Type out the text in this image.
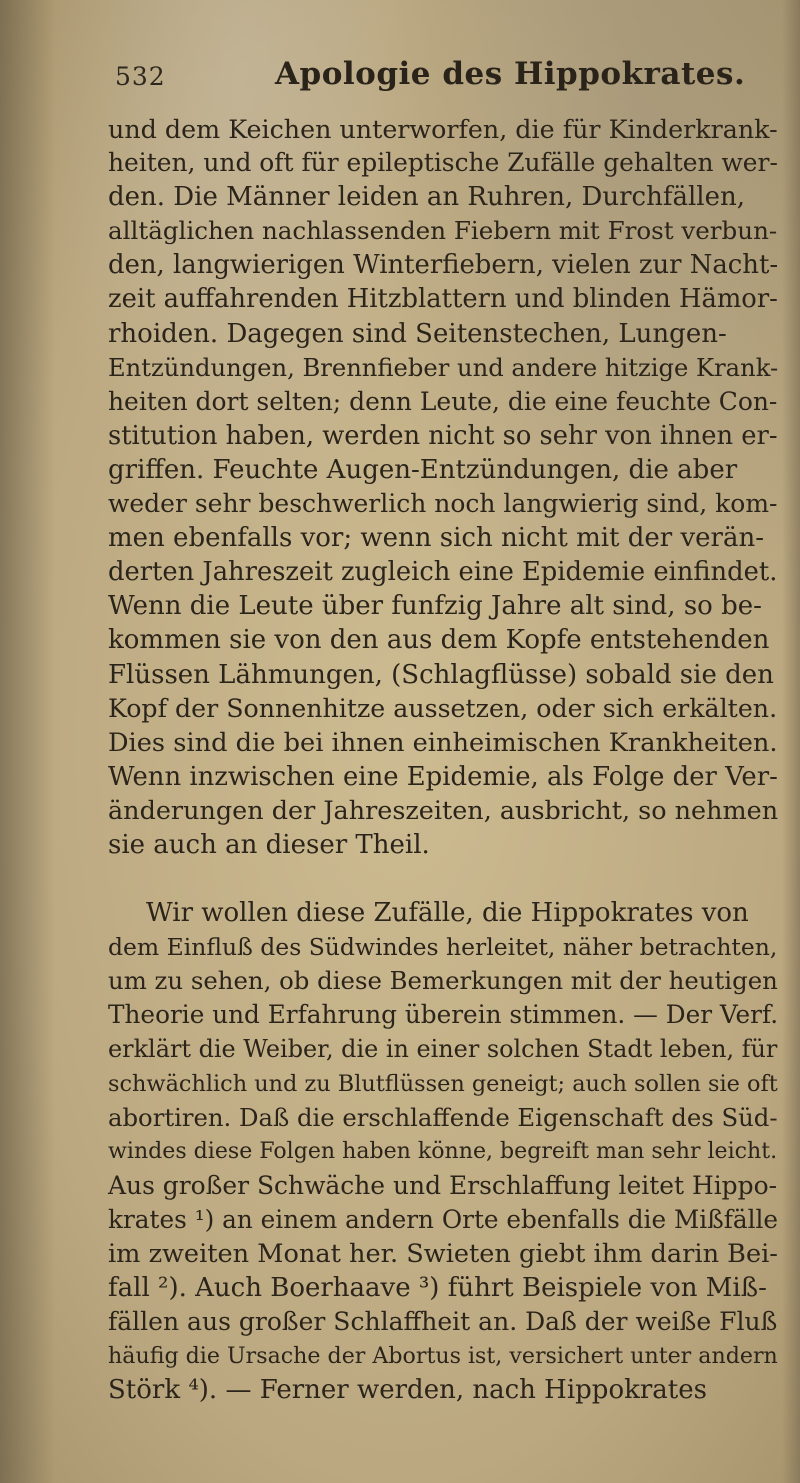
532	Apologie des Hippokrates.
und dem Keichen unterworfen, die für Kinderkrank-
heiten, und oft für epileptische Zufälle gehalten wer-
den. Die Männer leiden an Ruhren, Durchfällen,
alltäglichen nachlassenden Fiebern mit Frost verbun-
den, langwierigen Winterfiebern, vielen zur Nacht-
zeit auffahrenden Hitzblattern und blinden Hämor-
rhoiden. Dagegen sind Seitenstechen, Lungen-
Entzündungen, Brennfieber und andere hitzige Krank-
heiten dort selten; denn Leute, die eine feuchte Con-
stitution haben, werden nicht so sehr von ihnen er-
griffen. Feuchte Augen-Entzündungen, die aber
weder sehr beschwerlich noch langwierig sind, kom-
men ebenfalls vor; wenn sich nicht mit der verän-
derten Jahreszeit zugleich eine Epidemie einfindet.
Wenn die Leute über funfzig Jahre alt sind, so be-
kommen sie von den aus dem Kopfe entstehenden
Flüssen Lähmungen, (Schlagflüsse) sobald sie den
Kopf der Sonnenhitze aussetzen, oder sich erkälten.
Dies sind die bei ihnen einheimischen Krankheiten.
Wenn inzwischen eine Epidemie, als Folge der Ver-
änderungen der Jahreszeiten, ausbricht, so nehmen
sie auch an dieser Theil.
Wir wollen diese Zufälle, die Hippokrates von
dem Einfluß des Südwindes herleitet, näher betrachten,
um zu sehen, ob diese Bemerkungen mit der heutigen
Theorie und Erfahrung überein stimmen. — Der Verf.
erklärt die Weiber, die in einer solchen Stadt leben, für
schwächlich und zu Blutflüssen geneigt; auch sollen sie oft
abortiren. Daß die erschlaffende Eigenschaft des Süd-
windes diese Folgen haben könne, begreift man sehr leicht.
Aus großer Schwäche und Erschlaffung leitet Hippo-
krates ¹) an einem andern Orte ebenfalls die Mißfälle
im zweiten Monat her. Swieten giebt ihm darin Bei-
fall ²). Auch Boerhaave ³) führt Beispiele von Miß-
fällen aus großer Schlaffheit an. Daß der weiße Fluß
häufig die Ursache der Abortus ist, versichert unter andern
Störk ⁴). — Ferner werden, nach Hippokrates
